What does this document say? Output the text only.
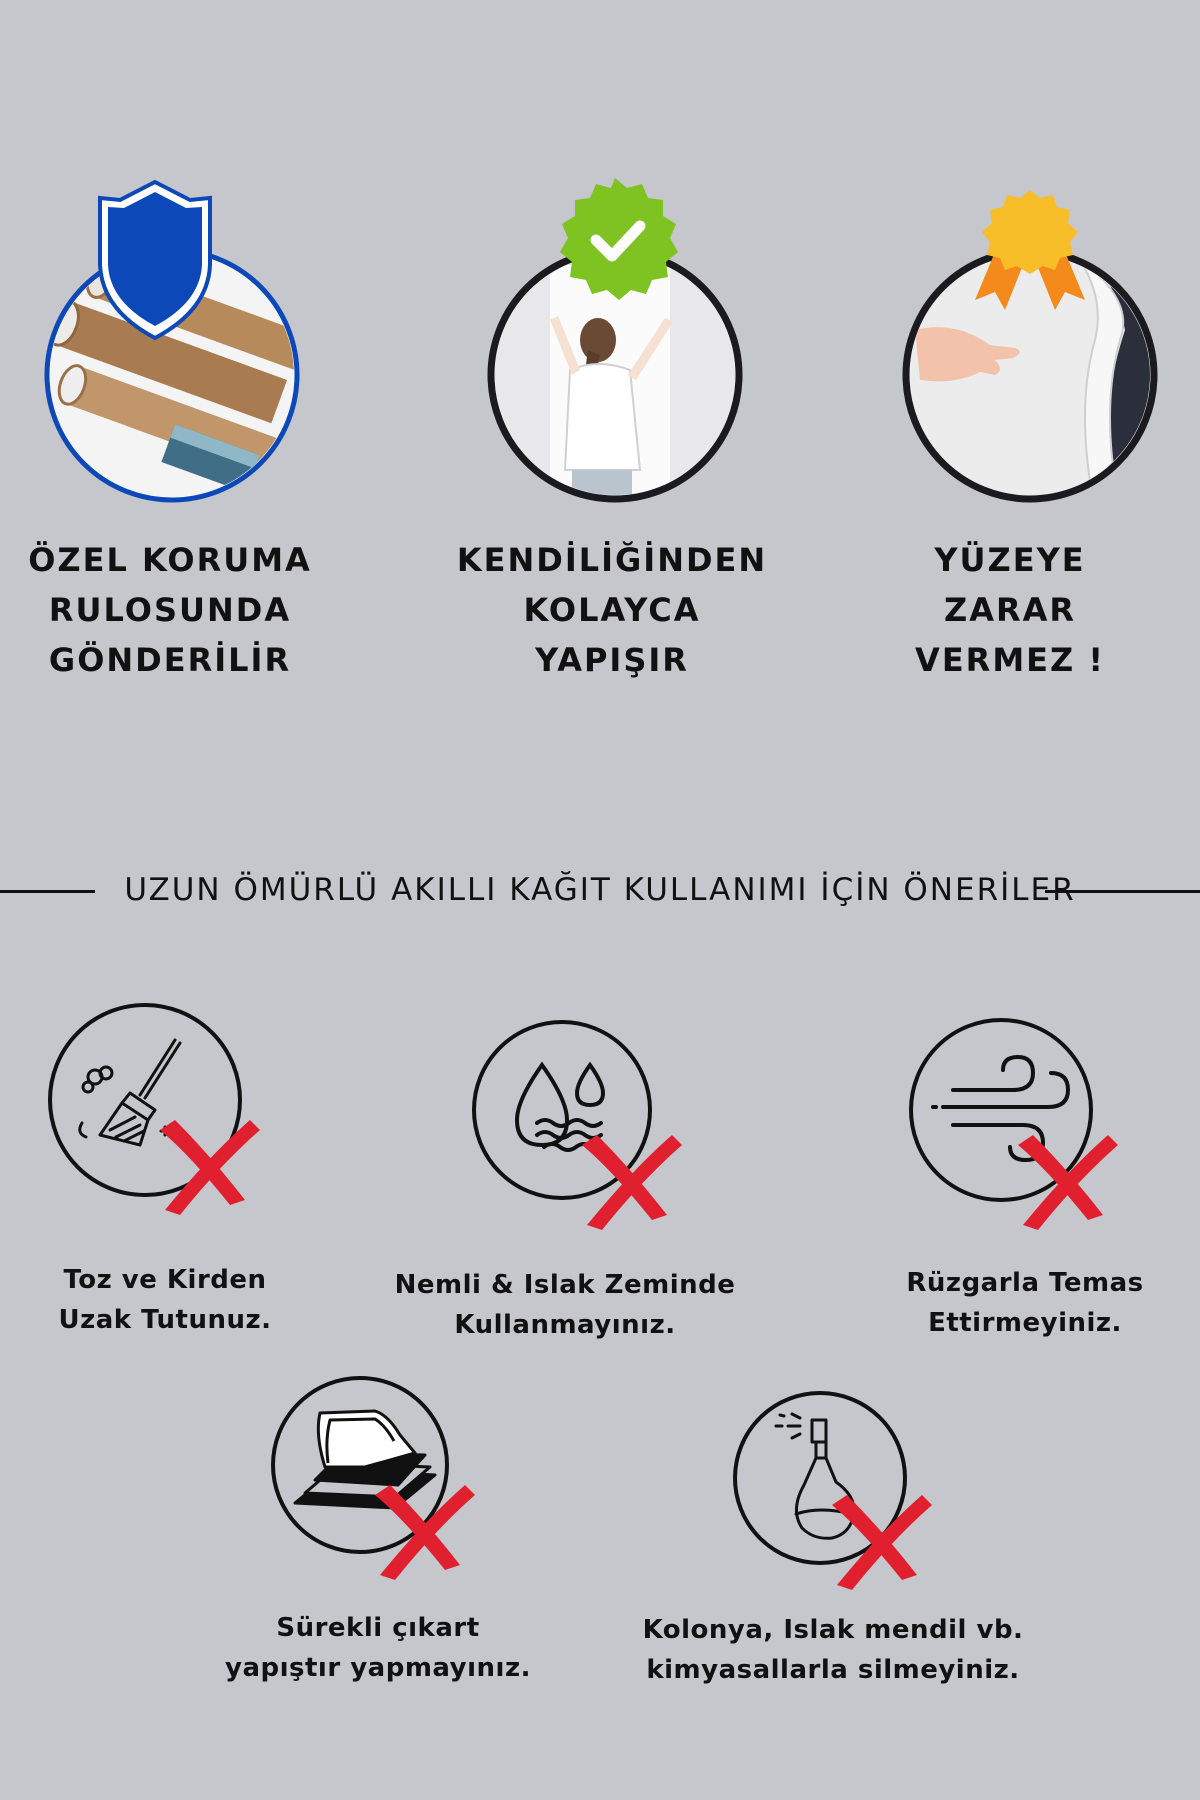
ÖZEL KORUMA
RULOSUNDA
GÖNDERİLİR
KENDİLİĞİNDEN
KOLAYCA
YAPIŞIR
YÜZEYE
ZARAR
VERMEZ !
UZUN ÖMÜRLÜ AKILLI KAĞIT KULLANIMI İÇİN ÖNERİLER
Toz ve Kirden
Uzak Tutunuz.
Nemli & Islak Zeminde
Kullanmayınız.
Rüzgarla Temas
Ettirmeyiniz.
Sürekli çıkart
yapıştır yapmayınız.
Kolonya, Islak mendil vb.
kimyasallarla silmeyiniz.
